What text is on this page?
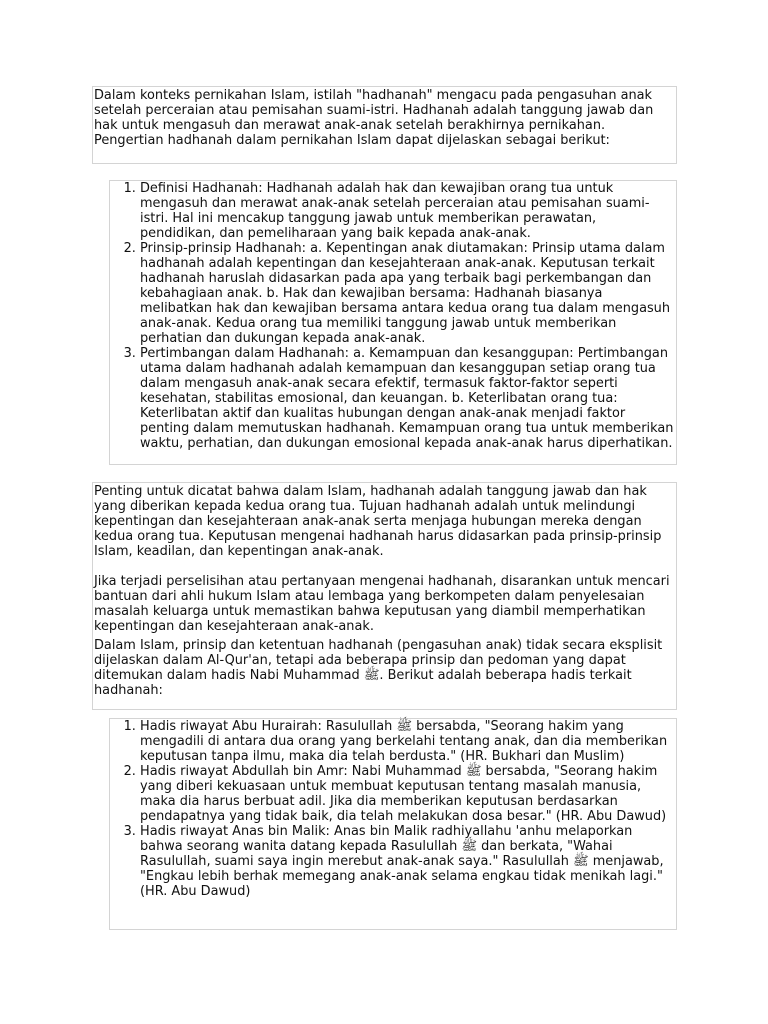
Dalam konteks pernikahan Islam, istilah "hadhanah" mengacu pada pengasuhan anak setelah perceraian atau pemisahan suami-istri. Hadhanah adalah tanggung jawab dan hak untuk mengasuh dan merawat anak-anak setelah berakhirnya pernikahan. Pengertian hadhanah dalam pernikahan Islam dapat dijelaskan sebagai berikut:

1. Definisi Hadhanah: Hadhanah adalah hak dan kewajiban orang tua untuk mengasuh dan merawat anak-anak setelah perceraian atau pemisahan suami-istri. Hal ini mencakup tanggung jawab untuk memberikan perawatan, pendidikan, dan pemeliharaan yang baik kepada anak-anak.
2. Prinsip-prinsip Hadhanah: a. Kepentingan anak diutamakan: Prinsip utama dalam hadhanah adalah kepentingan dan kesejahteraan anak-anak. Keputusan terkait hadhanah haruslah didasarkan pada apa yang terbaik bagi perkembangan dan kebahagiaan anak. b. Hak dan kewajiban bersama: Hadhanah biasanya melibatkan hak dan kewajiban bersama antara kedua orang tua dalam mengasuh anak-anak. Kedua orang tua memiliki tanggung jawab untuk memberikan perhatian dan dukungan kepada anak-anak.
3. Pertimbangan dalam Hadhanah: a. Kemampuan dan kesanggupan: Pertimbangan utama dalam hadhanah adalah kemampuan dan kesanggupan setiap orang tua dalam mengasuh anak-anak secara efektif, termasuk faktor-faktor seperti kesehatan, stabilitas emosional, dan keuangan. b. Keterlibatan orang tua: Keterlibatan aktif dan kualitas hubungan dengan anak-anak menjadi faktor penting dalam memutuskan hadhanah. Kemampuan orang tua untuk memberikan waktu, perhatian, dan dukungan emosional kepada anak-anak harus diperhatikan.

Penting untuk dicatat bahwa dalam Islam, hadhanah adalah tanggung jawab dan hak yang diberikan kepada kedua orang tua. Tujuan hadhanah adalah untuk melindungi kepentingan dan kesejahteraan anak-anak serta menjaga hubungan mereka dengan kedua orang tua. Keputusan mengenai hadhanah harus didasarkan pada prinsip-prinsip Islam, keadilan, dan kepentingan anak-anak.

Jika terjadi perselisihan atau pertanyaan mengenai hadhanah, disarankan untuk mencari bantuan dari ahli hukum Islam atau lembaga yang berkompeten dalam penyelesaian masalah keluarga untuk memastikan bahwa keputusan yang diambil memperhatikan kepentingan dan kesejahteraan anak-anak.

Dalam Islam, prinsip dan ketentuan hadhanah (pengasuhan anak) tidak secara eksplisit dijelaskan dalam Al-Qur'an, tetapi ada beberapa prinsip dan pedoman yang dapat ditemukan dalam hadis Nabi Muhammad ﷺ. Berikut adalah beberapa hadis terkait hadhanah:

1. Hadis riwayat Abu Hurairah: Rasulullah ﷺ bersabda, "Seorang hakim yang mengadili di antara dua orang yang berkelahi tentang anak, dan dia memberikan keputusan tanpa ilmu, maka dia telah berdusta." (HR. Bukhari dan Muslim)
2. Hadis riwayat Abdullah bin Amr: Nabi Muhammad ﷺ bersabda, "Seorang hakim yang diberi kekuasaan untuk membuat keputusan tentang masalah manusia, maka dia harus berbuat adil. Jika dia memberikan keputusan berdasarkan pendapatnya yang tidak baik, dia telah melakukan dosa besar." (HR. Abu Dawud)
3. Hadis riwayat Anas bin Malik: Anas bin Malik radhiyallahu 'anhu melaporkan bahwa seorang wanita datang kepada Rasulullah ﷺ dan berkata, "Wahai Rasulullah, suami saya ingin merebut anak-anak saya." Rasulullah ﷺ menjawab, "Engkau lebih berhak memegang anak-anak selama engkau tidak menikah lagi." (HR. Abu Dawud)
